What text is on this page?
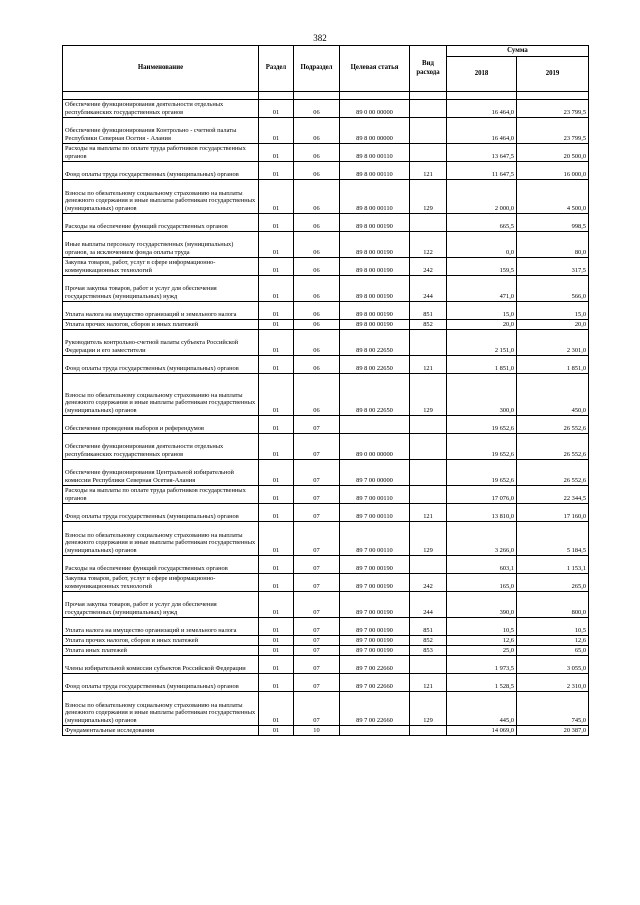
382
Наименование	Раздел	Подраздел	Целевая статья	Вид расхода	Сумма	
					2018	2019

Обеспечение функционирования деятельности отдельных республиканских государственных органов	01	06	89 0 00 00000		16 464,0	23 799,5
Обеспечение функционирования Контрольно - счетной палаты Республики Северная Осетия - Алания	01	06	89 8 00 00000		16 464,0	23 799,5
Расходы на выплаты по оплате труда работников государственных органов	01	06	89 8 00 00110		13 647,5	20 500,0
Фонд оплаты труда государственных (муниципальных) органов	01	06	89 8 00 00110	121	11 647,5	16 000,0
Взносы по обязательному социальному страхованию на выплаты денежного содержания и иные выплаты работникам государственных (муниципальных) органов	01	06	89 8 00 00110	129	2 000,0	4 500,0
Расходы на обеспечение функций государственных органов	01	06	89 8 00 00190		665,5	998,5
Иные выплаты персоналу государственных (муниципальных) органов, за исключением фонда оплаты труда	01	06	89 8 00 00190	122	0,0	80,0
Закупка товаров, работ, услуг в сфере информационно-коммуникационных технологий	01	06	89 8 00 00190	242	159,5	317,5
Прочая закупка товаров, работ и услуг для обеспечения государственных (муниципальных) нужд	01	06	89 8 00 00190	244	471,0	566,0
Уплата налога на имущество организаций и земельного налога	01	06	89 8 00 00190	851	15,0	15,0
Уплата прочих налогов, сборов и иных платежей	01	06	89 8 00 00190	852	20,0	20,0
Руководитель контрольно-счетной палаты субъекта Российской Федерации и его заместители	01	06	89 8 00 22650		2 151,0	2 301,0
Фонд оплаты труда государственных (муниципальных) органов	01	06	89 8 00 22650	121	1 851,0	1 851,0
Взносы по обязательному социальному страхованию на выплаты денежного содержания и иные выплаты работникам государственных (муниципальных) органов	01	06	89 8 00 22650	129	300,0	450,0
Обеспечение проведения выборов и референдумов	01	07			19 652,6	26 552,6
Обеспечение функционирования деятельности отдельных республиканских государственных органов	01	07	89 0 00 00000		19 652,6	26 552,6
Обеспечение функционирования Центральной избирательной комиссии Республики Северная Осетия-Алания	01	07	89 7 00 00000		19 652,6	26 552,6
Расходы на выплаты по оплате труда работников государственных органов	01	07	89 7 00 00110		17 076,0	22 344,5
Фонд оплаты труда государственных (муниципальных) органов	01	07	89 7 00 00110	121	13 810,0	17 160,0
Взносы по обязательному социальному страхованию на выплаты денежного содержания и иные выплаты работникам государственных (муниципальных) органов	01	07	89 7 00 00110	129	3 266,0	5 184,5
Расходы на обеспечение функций государственных органов	01	07	89 7 00 00190		603,1	1 153,1
Закупка товаров, работ, услуг в сфере информационно-коммуникационных технологий	01	07	89 7 00 00190	242	165,0	265,0
Прочая закупка товаров, работ и услуг для обеспечения государственных (муниципальных) нужд	01	07	89 7 00 00190	244	390,0	800,0
Уплата налога на имущество организаций и земельного налога	01	07	89 7 00 00190	851	10,5	10,5
Уплата прочих налогов, сборов и иных платежей	01	07	89 7 00 00190	852	12,6	12,6
Уплата иных платежей	01	07	89 7 00 00190	853	25,0	65,0
Члены избирательной комиссии субъектов Российской Федерации	01	07	89 7 00 22660		1 973,5	3 055,0
Фонд оплаты труда государственных (муниципальных) органов	01	07	89 7 00 22660	121	1 528,5	2 310,0
Взносы по обязательному социальному страхованию на выплаты денежного содержания и иные выплаты работникам государственных (муниципальных) органов	01	07	89 7 00 22660	129	445,0	745,0
Фундаментальные исследования	01	10			14 069,0	20 387,0
